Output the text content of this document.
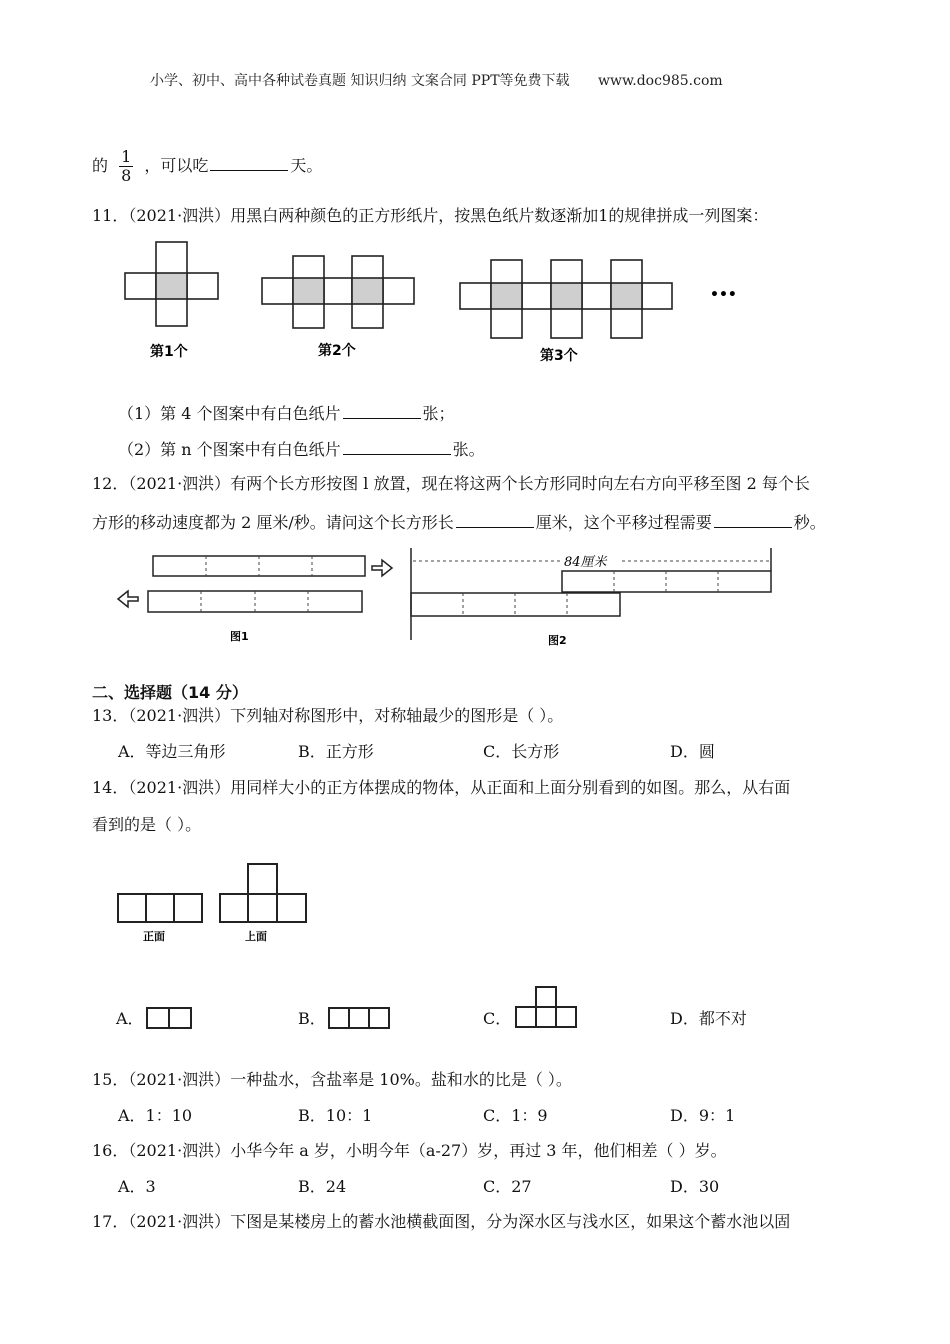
小学、初中、高中各种试卷真题 知识归纳 文案合同 PPT等免费下载 www.doc985.com
的 $\frac{1}{8}$ ，可以吃	天。
11．（2021·泗洪）用黑白两种颜色的正方形纸片，按黑色纸片数逐渐加1的规律拼成一列图案：
第1个	第2个	第3个
•••
（1）第 4 个图案中有白色纸片	张；
（2）第 n 个图案中有白色纸片	张。
12．（2021·泗洪）有两个长方形按图 l 放置，现在将这两个长方形同时向左右方向平移至图 2 每个长
方形的移动速度都为 2 厘米/秒。请问这个长方形长	厘米，这个平移过程需要	秒。
84厘米
图1	图2
二、选择题（14 分）
13．（2021·泗洪）下列轴对称图形中，对称轴最少的图形是（ ）。
A．等边三角形	B．正方形	C．长方形	D．圆
14．（2021·泗洪）用同样大小的正方体摆成的物体，从正面和上面分别看到的如图。那么，从右面
看到的是（ ）。
正面	上面
A．	B．	C．	D．都不对
15．（2021·泗洪）一种盐水，含盐率是 10%。盐和水的比是（ ）。
A．1：10	B．10：1	C．1：9	D．9：1
16．（2021·泗洪）小华今年 a 岁，小明今年（a-27）岁，再过 3 年，他们相差（ ）岁。
A．3	B．24	C．27	D．30
17．（2021·泗洪）下图是某楼房上的蓄水池横截面图，分为深水区与浅水区，如果这个蓄水池以固
